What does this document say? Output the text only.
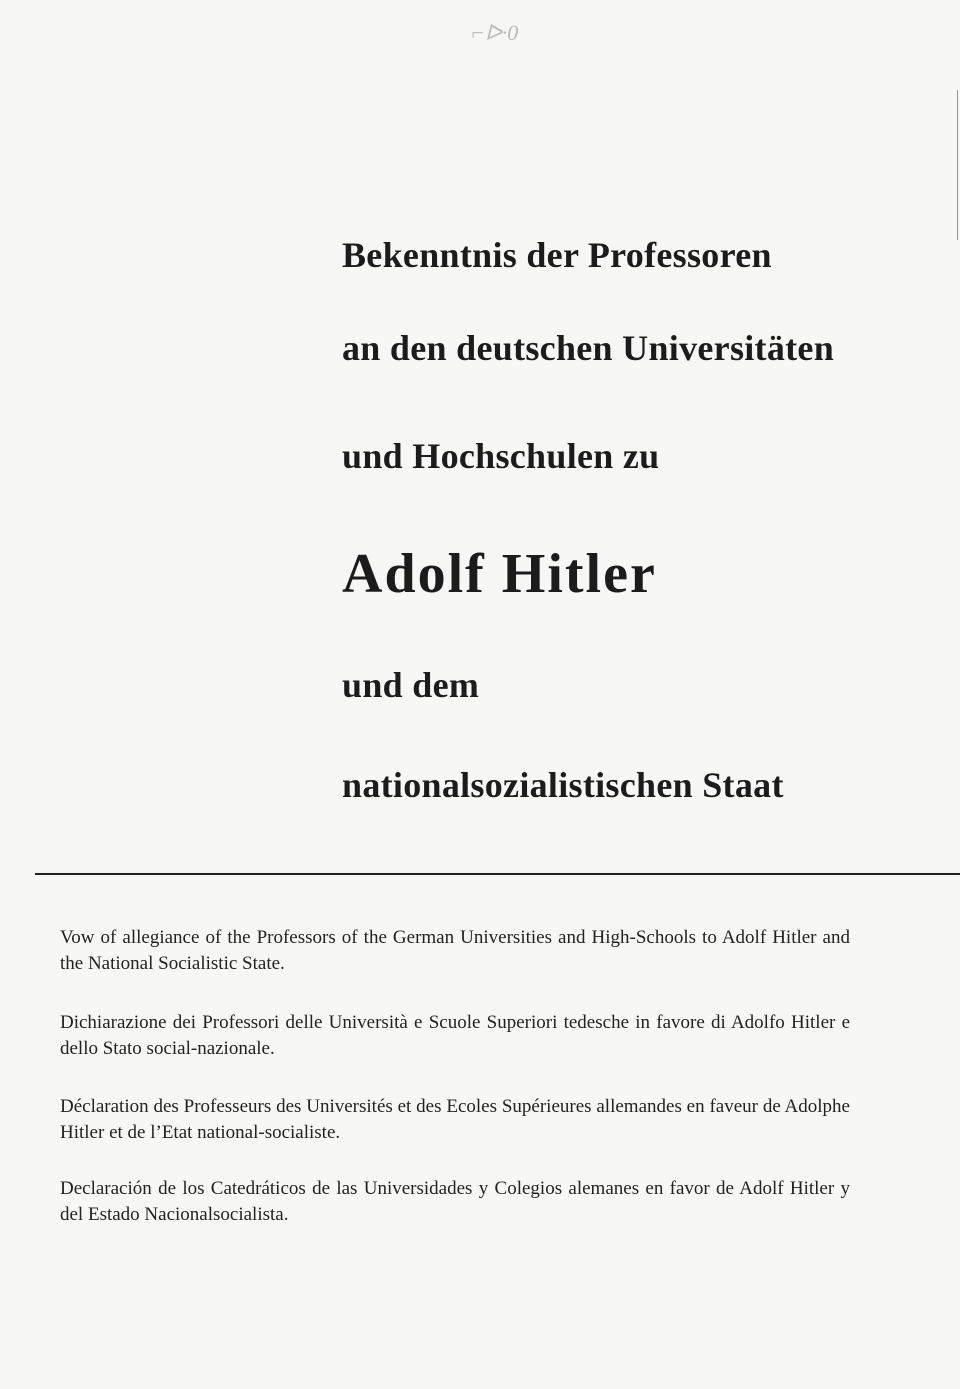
⌐ᐅ·0
Bekenntnis der Professoren
an den deutschen Universitäten
und Hochschulen zu
Adolf Hitler
und dem
nationalsozialistischen Staat

Vow of allegiance of the Professors of the German Universities and High-Schools to Adolf Hitler and the National Socialistic State.

Dichiarazione dei Professori delle Università e Scuole Superiori tedesche in favore di Adolfo Hitler e dello Stato social-nazionale.

Déclaration des Professeurs des Universités et des Ecoles Supérieures allemandes en faveur de Adolphe Hitler et de l’Etat national-socialiste.

Declaración de los Catedráticos de las Universidades y Colegios alemanes en favor de Adolf Hitler y del Estado Nacionalsocialista.
